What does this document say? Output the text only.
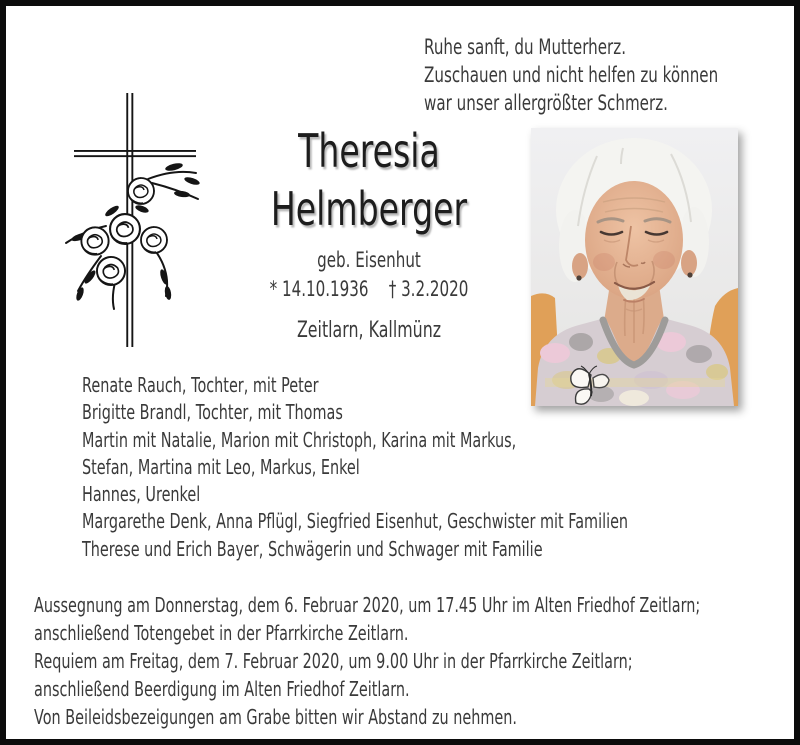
Ruhe sanft, du Mutterherz.
Zuschauen und nicht helfen zu können
war unser allergrößter Schmerz.
Theresia
Helmberger
geb. Eisenhut
* 14.10.1936 † 3.2.2020
Zeitlarn, Kallmünz
Renate Rauch, Tochter, mit Peter
Brigitte Brandl, Tochter, mit Thomas
Martin mit Natalie, Marion mit Christoph, Karina mit Markus,
Stefan, Martina mit Leo, Markus, Enkel
Hannes, Urenkel
Margarethe Denk, Anna Pflügl, Siegfried Eisenhut, Geschwister mit Familien
Therese und Erich Bayer, Schwägerin und Schwager mit Familie
Aussegnung am Donnerstag, dem 6. Februar 2020, um 17.45 Uhr im Alten Friedhof Zeitlarn;
anschließend Totengebet in der Pfarrkirche Zeitlarn.
Requiem am Freitag, dem 7. Februar 2020, um 9.00 Uhr in der Pfarrkirche Zeitlarn;
anschließend Beerdigung im Alten Friedhof Zeitlarn.
Von Beileidsbezeigungen am Grabe bitten wir Abstand zu nehmen.
